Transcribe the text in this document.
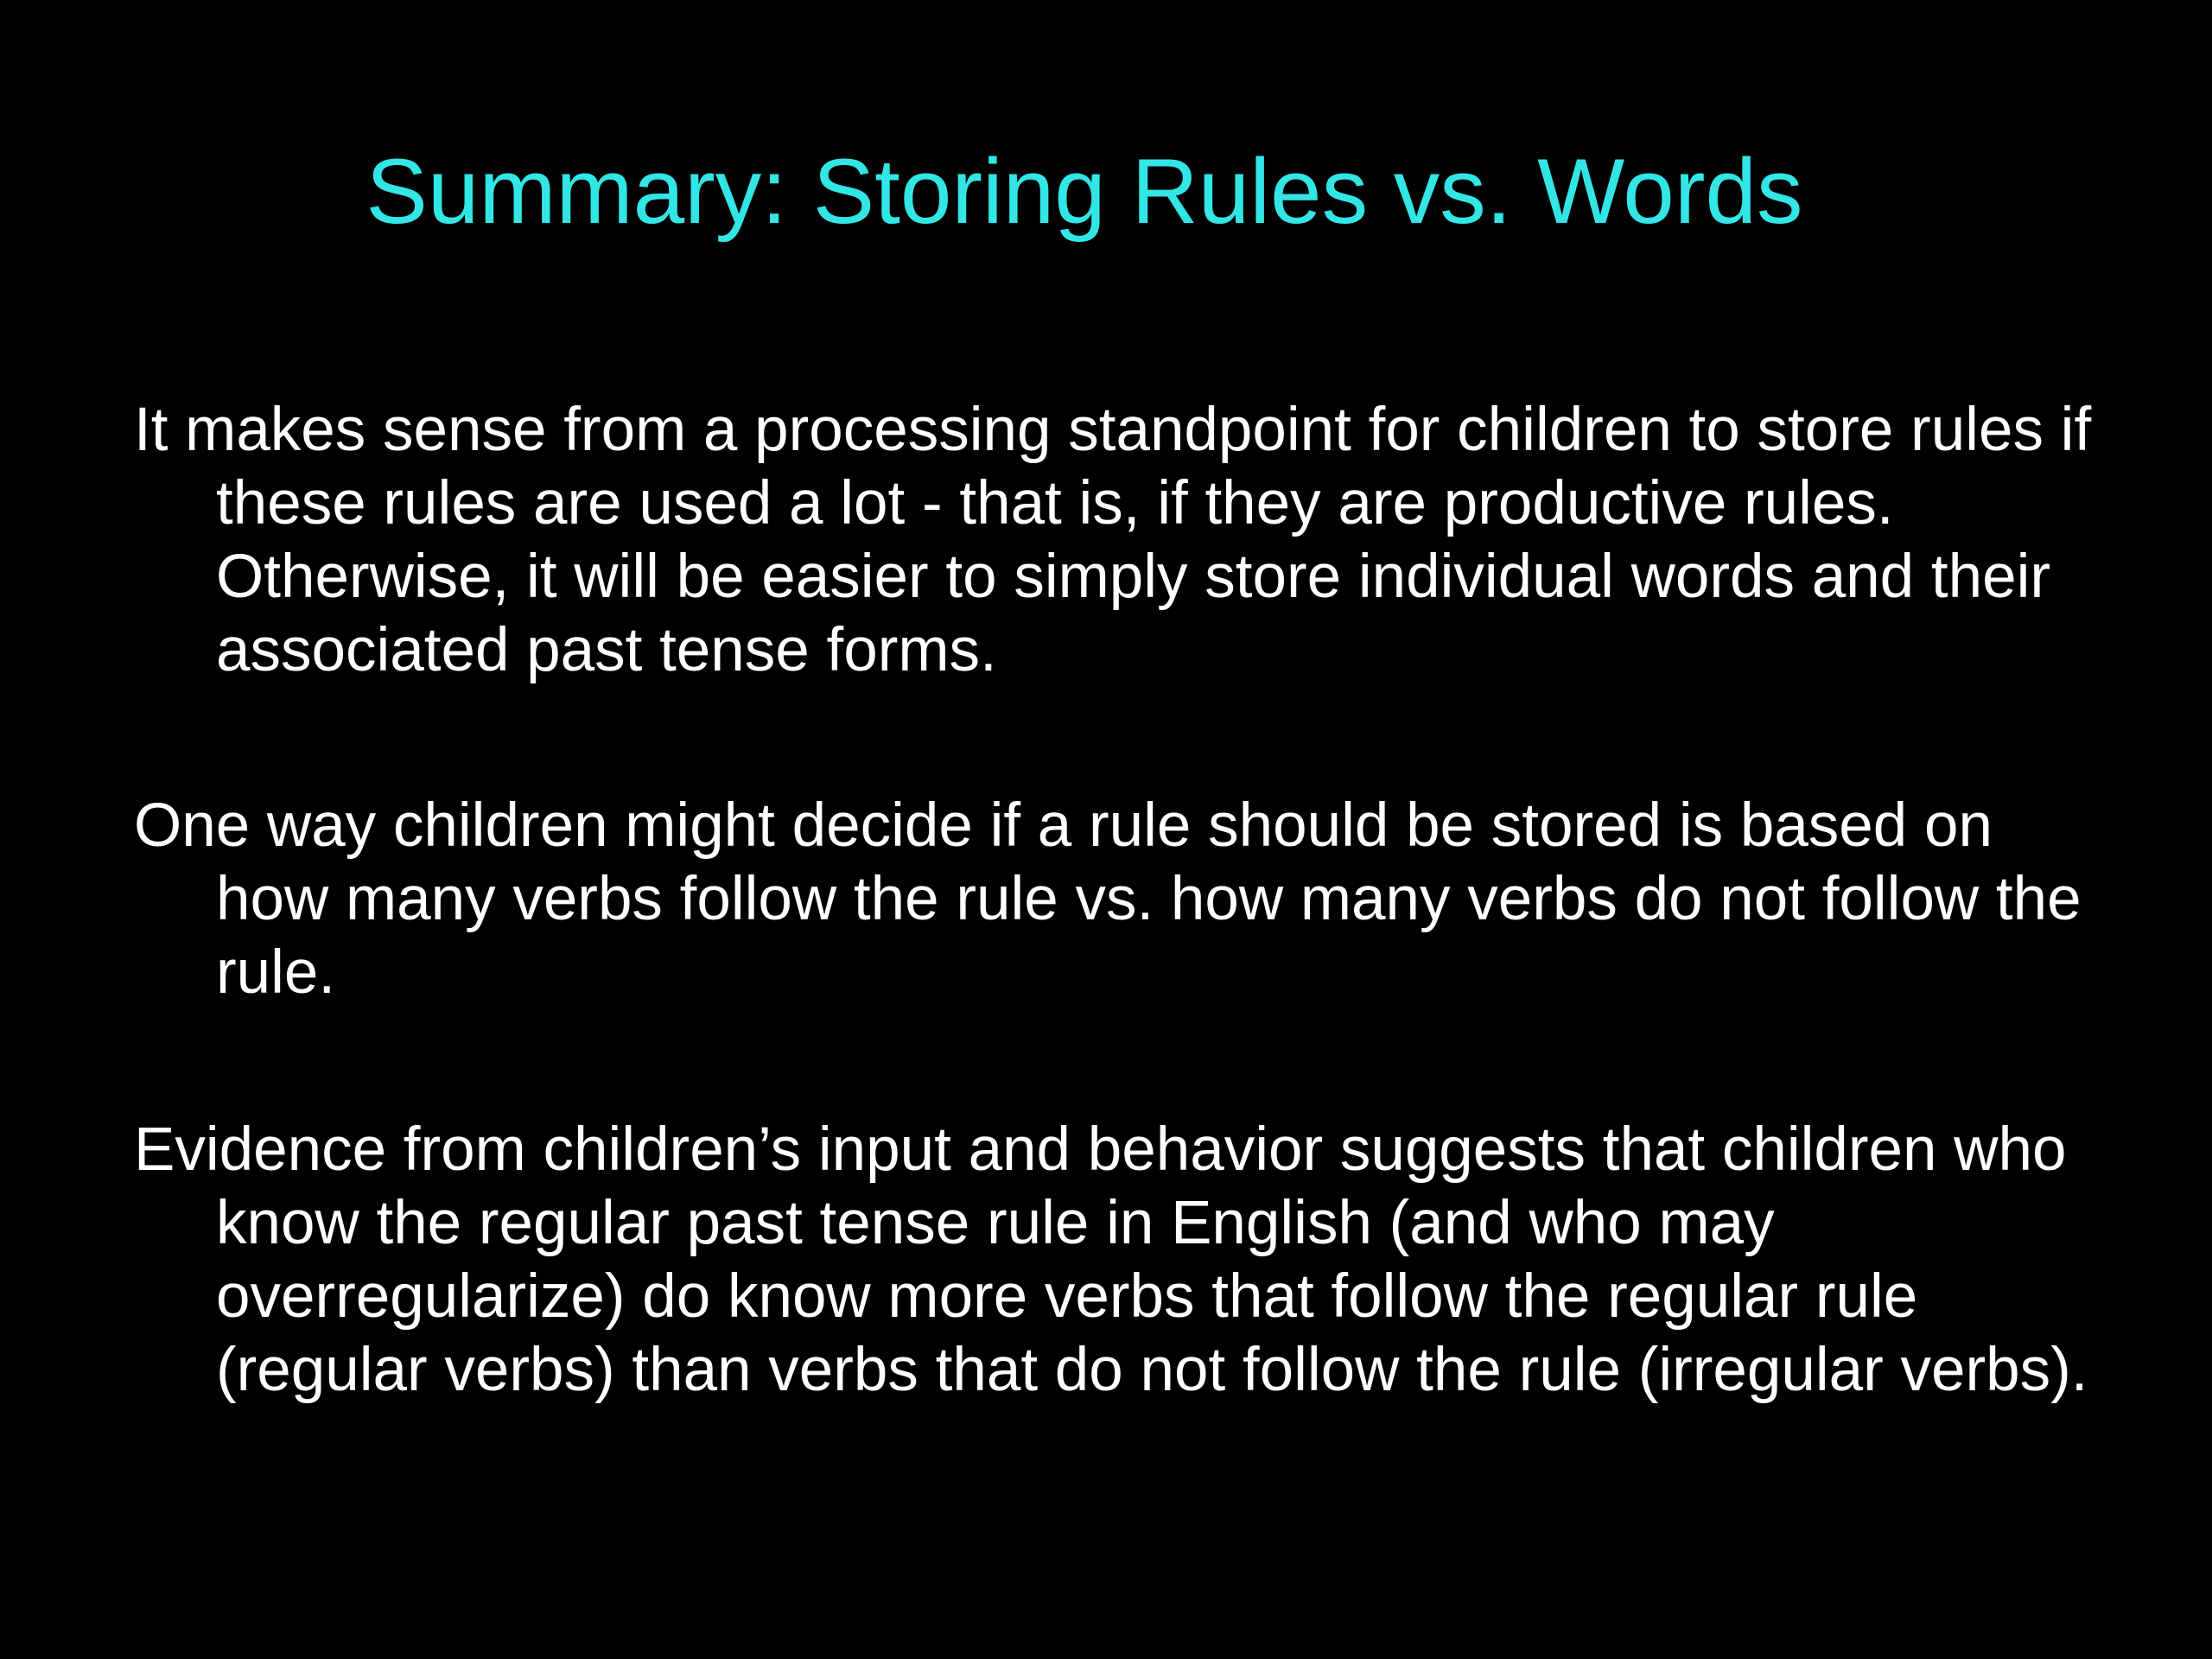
Summary: Storing Rules vs. Words
It makes sense from a processing standpoint for children to store rules if these rules are used a lot - that is, if they are productive rules. Otherwise, it will be easier to simply store individual words and their associated past tense forms.
One way children might decide if a rule should be stored is based on how many verbs follow the rule vs. how many verbs do not follow the rule.
Evidence from children’s input and behavior suggests that children who know the regular past tense rule in English (and who may overregularize) do know more verbs that follow the regular rule (regular verbs) than verbs that do not follow the rule (irregular verbs).
